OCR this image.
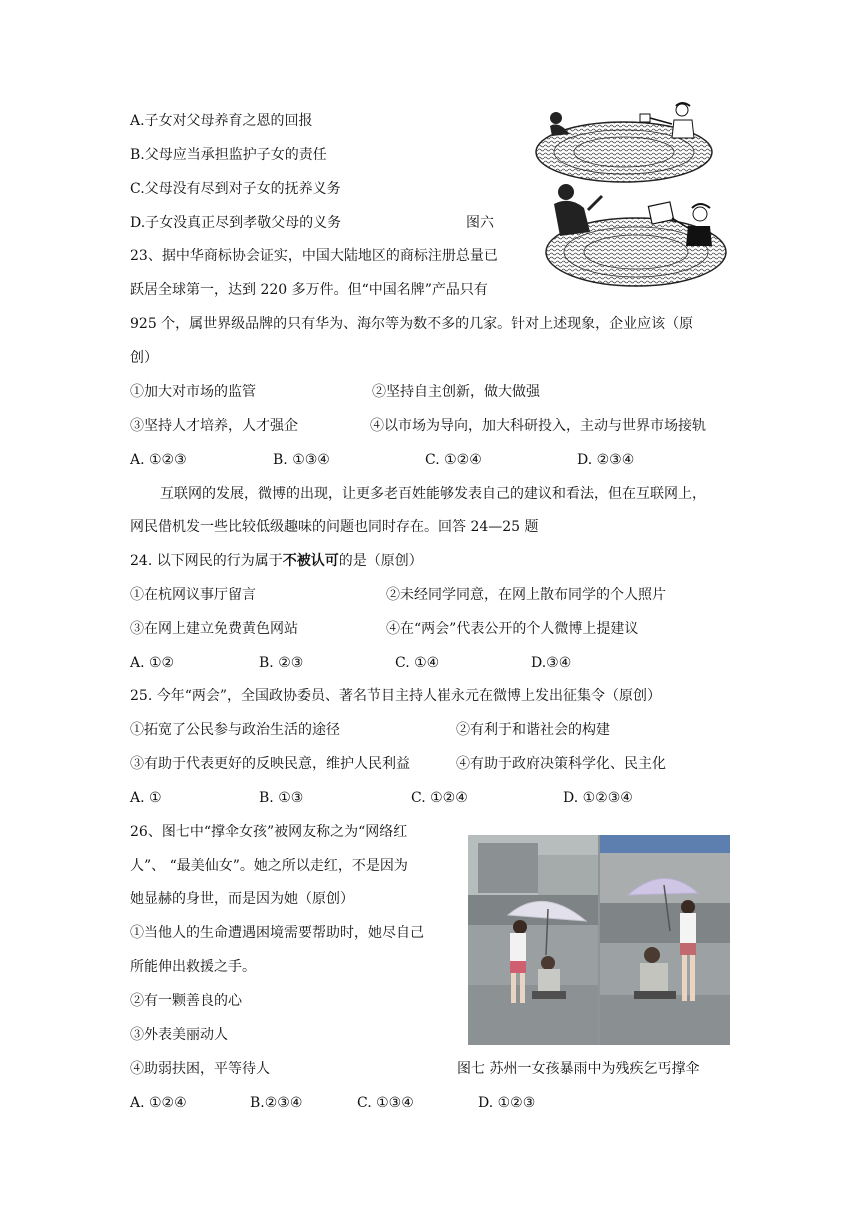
A.子女对父母养育之恩的回报
B.父母应当承担监护子女的责任
C.父母没有尽到对子女的抚养义务
D.子女没真正尽到孝敬父母的义务	图六
23、据中华商标协会证实，中国大陆地区的商标注册总量已
跃居全球第一，达到 220 多万件。但“中国名牌”产品只有
925 个，属世界级品牌的只有华为、海尔等为数不多的几家。针对上述现象，企业应该（原
创）
①加大对市场的监管	②坚持自主创新，做大做强
③坚持人才培养，人才强企	④以市场为导向，加大科研投入，主动与世界市场接轨
A. ①②③	B. ①③④	C. ①②④	D. ②③④
互联网的发展，微博的出现，让更多老百姓能够发表自己的建议和看法，但在互联网上，
网民借机发一些比较低级趣味的问题也同时存在。回答 24—25 题
24. 以下网民的行为属于不被认可的是（原创）
①在杭网议事厅留言	②未经同学同意，在网上散布同学的个人照片
③在网上建立免费黄色网站	④在“两会”代表公开的个人微博上提建议
A. ①②	B. ②③	C. ①④	D.③④
25. 今年“两会”，全国政协委员、著名节目主持人崔永元在微博上发出征集令（原创）
①拓宽了公民参与政治生活的途径	②有利于和谐社会的构建
③有助于代表更好的反映民意，维护人民利益	④有助于政府决策科学化、民主化
A. ①	B. ①③	C. ①②④	D. ①②③④
26、图七中“撑伞女孩”被网友称之为“网络红
人”、 “最美仙女”。她之所以走红，不是因为
她显赫的身世，而是因为她（原创）
①当他人的生命遭遇困境需要帮助时，她尽自己
所能伸出救援之手。
②有一颗善良的心
③外表美丽动人
④助弱扶困，平等待人	图七 苏州一女孩暴雨中为残疾乞丐撑伞
A. ①②④	B.②③④	C. ①③④	D. ①②③
